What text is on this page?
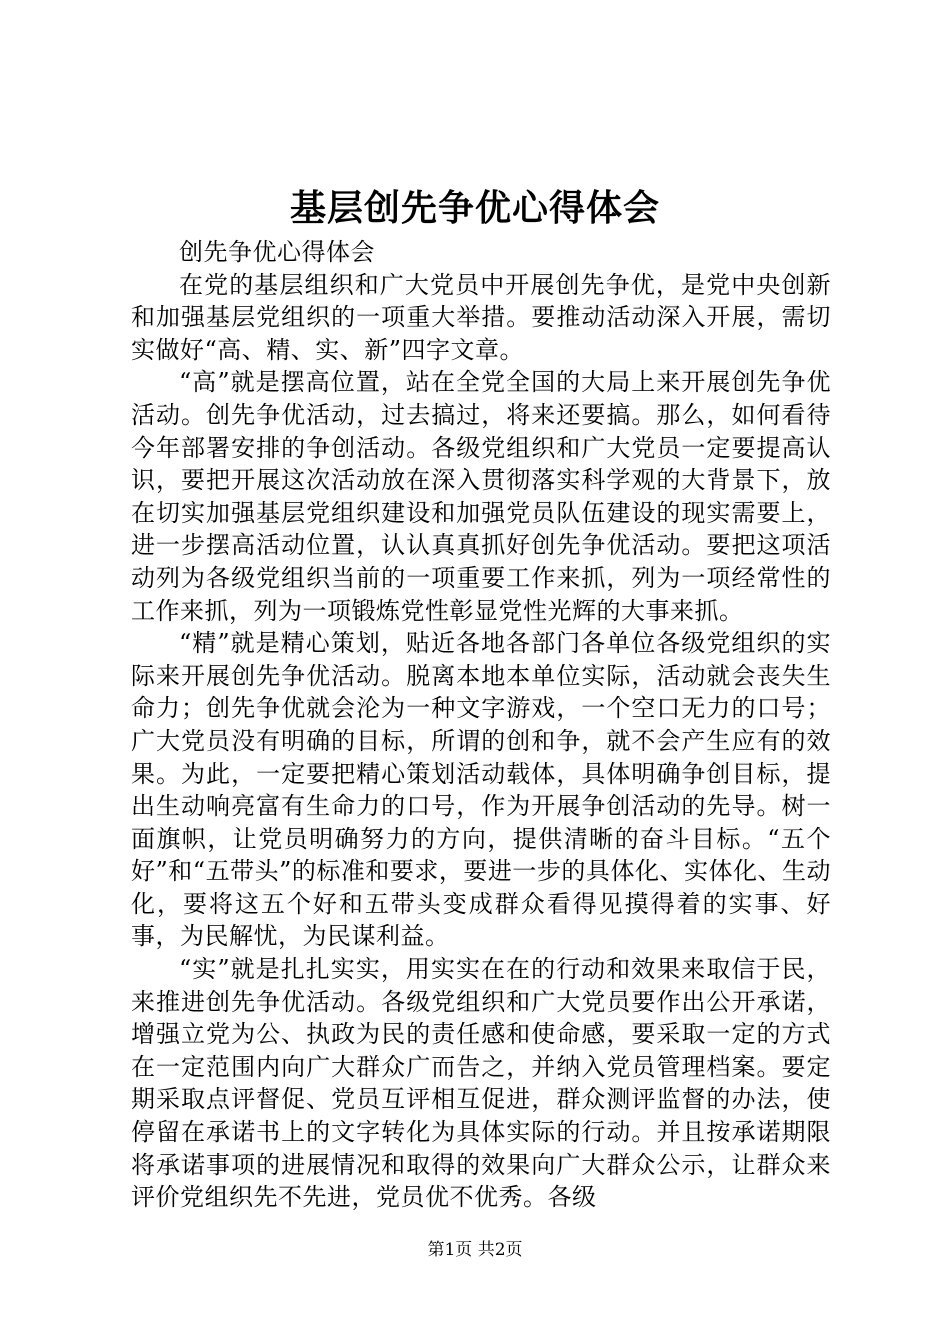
基层创先争优心得体会

创先争优心得体会

在党的基层组织和广大党员中开展创先争优，是党中央创新和加强基层党组织的一项重大举措。要推动活动深入开展，需切实做好“高、精、实、新”四字文章。

“高”就是摆高位置，站在全党全国的大局上来开展创先争优活动。创先争优活动，过去搞过，将来还要搞。那么，如何看待今年部署安排的争创活动。各级党组织和广大党员一定要提高认识，要把开展这次活动放在深入贯彻落实科学观的大背景下，放在切实加强基层党组织建设和加强党员队伍建设的现实需要上，进一步摆高活动位置，认认真真抓好创先争优活动。要把这项活动列为各级党组织当前的一项重要工作来抓，列为一项经常性的工作来抓，列为一项锻炼党性彰显党性光辉的大事来抓。

“精”就是精心策划，贴近各地各部门各单位各级党组织的实际来开展创先争优活动。脱离本地本单位实际，活动就会丧失生命力；创先争优就会沦为一种文字游戏，一个空口无力的口号；广大党员没有明确的目标，所谓的创和争，就不会产生应有的效果。为此，一定要把精心策划活动载体，具体明确争创目标，提出生动响亮富有生命力的口号，作为开展争创活动的先导。树一面旗帜，让党员明确努力的方向，提供清晰的奋斗目标。“五个好”和“五带头”的标准和要求，要进一步的具体化、实体化、生动化，要将这五个好和五带头变成群众看得见摸得着的实事、好事，为民解忧，为民谋利益。

“实”就是扎扎实实，用实实在在的行动和效果来取信于民，来推进创先争优活动。各级党组织和广大党员要作出公开承诺，增强立党为公、执政为民的责任感和使命感，要采取一定的方式在一定范围内向广大群众广而告之，并纳入党员管理档案。要定期采取点评督促、党员互评相互促进，群众测评监督的办法，使停留在承诺书上的文字转化为具体实际的行动。并且按承诺期限将承诺事项的进展情况和取得的效果向广大群众公示，让群众来评价党组织先不先进，党员优不优秀。各级

第1页 共2页
